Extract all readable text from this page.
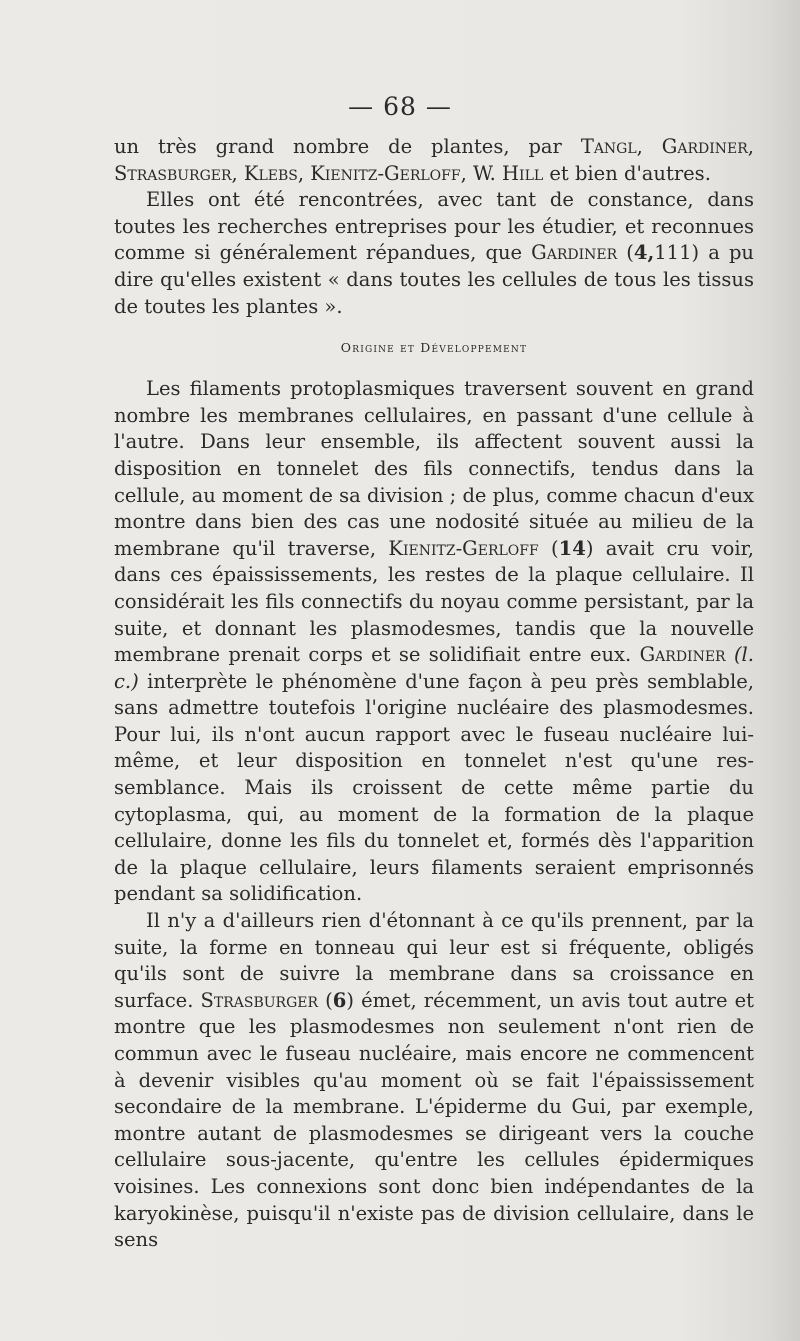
— 68 —

un très grand nombre de plantes, par Tangl, Gardiner, Strasburger, Klebs, Kienitz-Gerloff, W. Hill et bien d'autres.

Elles ont été rencontrées, avec tant de constance, dans toutes les recherches entreprises pour les étudier, et reconnues comme si généralement répandues, que Gardiner (4,111) a pu dire qu'elles existent « dans toutes les cellules de tous les tissus de toutes les plantes ».

Origine et Développement

Les filaments protoplasmiques traversent souvent en grand nombre les membranes cellulaires, en passant d'une cellule à l'autre. Dans leur ensemble, ils affectent souvent aussi la disposition en tonnelet des fils connectifs, tendus dans la cellule, au moment de sa division ; de plus, comme chacun d'eux montre dans bien des cas une nodosité située au milieu de la membrane qu'il traverse, Kienitz-Gerloff (14) avait cru voir, dans ces épaississements, les restes de la plaque cellulaire. Il considérait les fils connectifs du noyau comme persistant, par la suite, et donnant les plasmodesmes, tandis que la nouvelle membrane prenait corps et se solidifiait entre eux. Gardiner (l. c.) interprète le phénomène d'une façon à peu près semblable, sans admettre toutefois l'origine nucléaire des plasmodesmes. Pour lui, ils n'ont aucun rapport avec le fuseau nucléaire lui-même, et leur disposition en tonnelet n'est qu'une ressemblance. Mais ils croissent de cette même partie du cytoplasma, qui, au moment de la formation de la plaque cellulaire, donne les fils du tonnelet et, formés dès l'apparition de la plaque cellulaire, leurs filaments seraient emprisonnés pendant sa solidification.

Il n'y a d'ailleurs rien d'étonnant à ce qu'ils prennent, par la suite, la forme en tonneau qui leur est si fréquente, obligés qu'ils sont de suivre la membrane dans sa croissance en surface. Strasburger (6) émet, récemment, un avis tout autre et montre que les plasmodesmes non seulement n'ont rien de commun avec le fuseau nucléaire, mais encore ne commencent à devenir visibles qu'au moment où se fait l'épaississement secondaire de la membrane. L'épiderme du Gui, par exemple, montre autant de plasmodesmes se dirigeant vers la couche cellulaire sous-jacente, qu'entre les cellules épidermiques voisines. Les connexions sont donc bien indépendantes de la karyokinèse, puisqu'il n'existe pas de division cellulaire, dans le sens
